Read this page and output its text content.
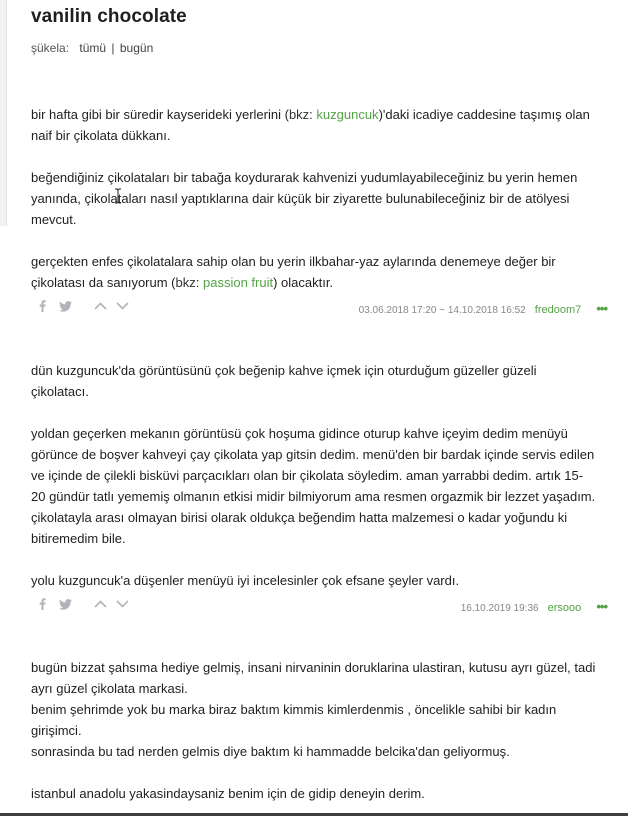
vanilin chocolate
şükela: tümü | bugün

bir hafta gibi bir süredir kayserideki yerlerini (bkz: kuzguncuk)'daki icadiye caddesine taşımış olan naif bir çikolata dükkanı.

beğendiğiniz çikolataları bir tabağa koydurarak kahvenizi yudumlayabileceğiniz bu yerin hemen yanında, çikolataları nasıl yaptıklarına dair küçük bir ziyarette bulunabileceğiniz bir de atölyesi mevcut.

gerçekten enfes çikolatalara sahip olan bu yerin ilkbahar-yaz aylarında denemeye değer bir çikolatası da sanıyorum (bkz: passion fruit) olacaktır.

03.06.2018 17:20 ~ 14.10.2018 16:52 fredoom7 •••

dün kuzguncuk'da görüntüsünü çok beğenip kahve içmek için oturduğum güzeller güzeli çikolatacı.

yoldan geçerken mekanın görüntüsü çok hoşuma gidince oturup kahve içeyim dedim menüyü görünce de boşver kahveyi çay çikolata yap gitsin dedim. menü'den bir bardak içinde servis edilen ve içinde de çilekli bisküvi parçacıkları olan bir çikolata söyledim. aman yarrabbi dedim. artık 15-20 gündür tatlı yememiş olmanın etkisi midir bilmiyorum ama resmen orgazmik bir lezzet yaşadım. çikolatayla arası olmayan birisi olarak oldukça beğendim hatta malzemesi o kadar yoğundu ki bitiremedim bile.

yolu kuzguncuk'a düşenler menüyü iyi incelesinler çok efsane şeyler vardı.

16.10.2019 19:36 ersooo •••

bugün bizzat şahsıma hediye gelmiş, insani nirvaninin doruklarina ulastiran, kutusu ayrı güzel, tadi ayrı güzel çikolata markasi.

benim şehrimde yok bu marka biraz baktım kimmis kimlerdenmis , öncelikle sahibi bir kadın girişimci.

sonrasinda bu tad nerden gelmis diye baktım ki hammadde belcika'dan geliyormuş.

istanbul anadolu yakasindaysaniz benim için de gidip deneyin derim.
